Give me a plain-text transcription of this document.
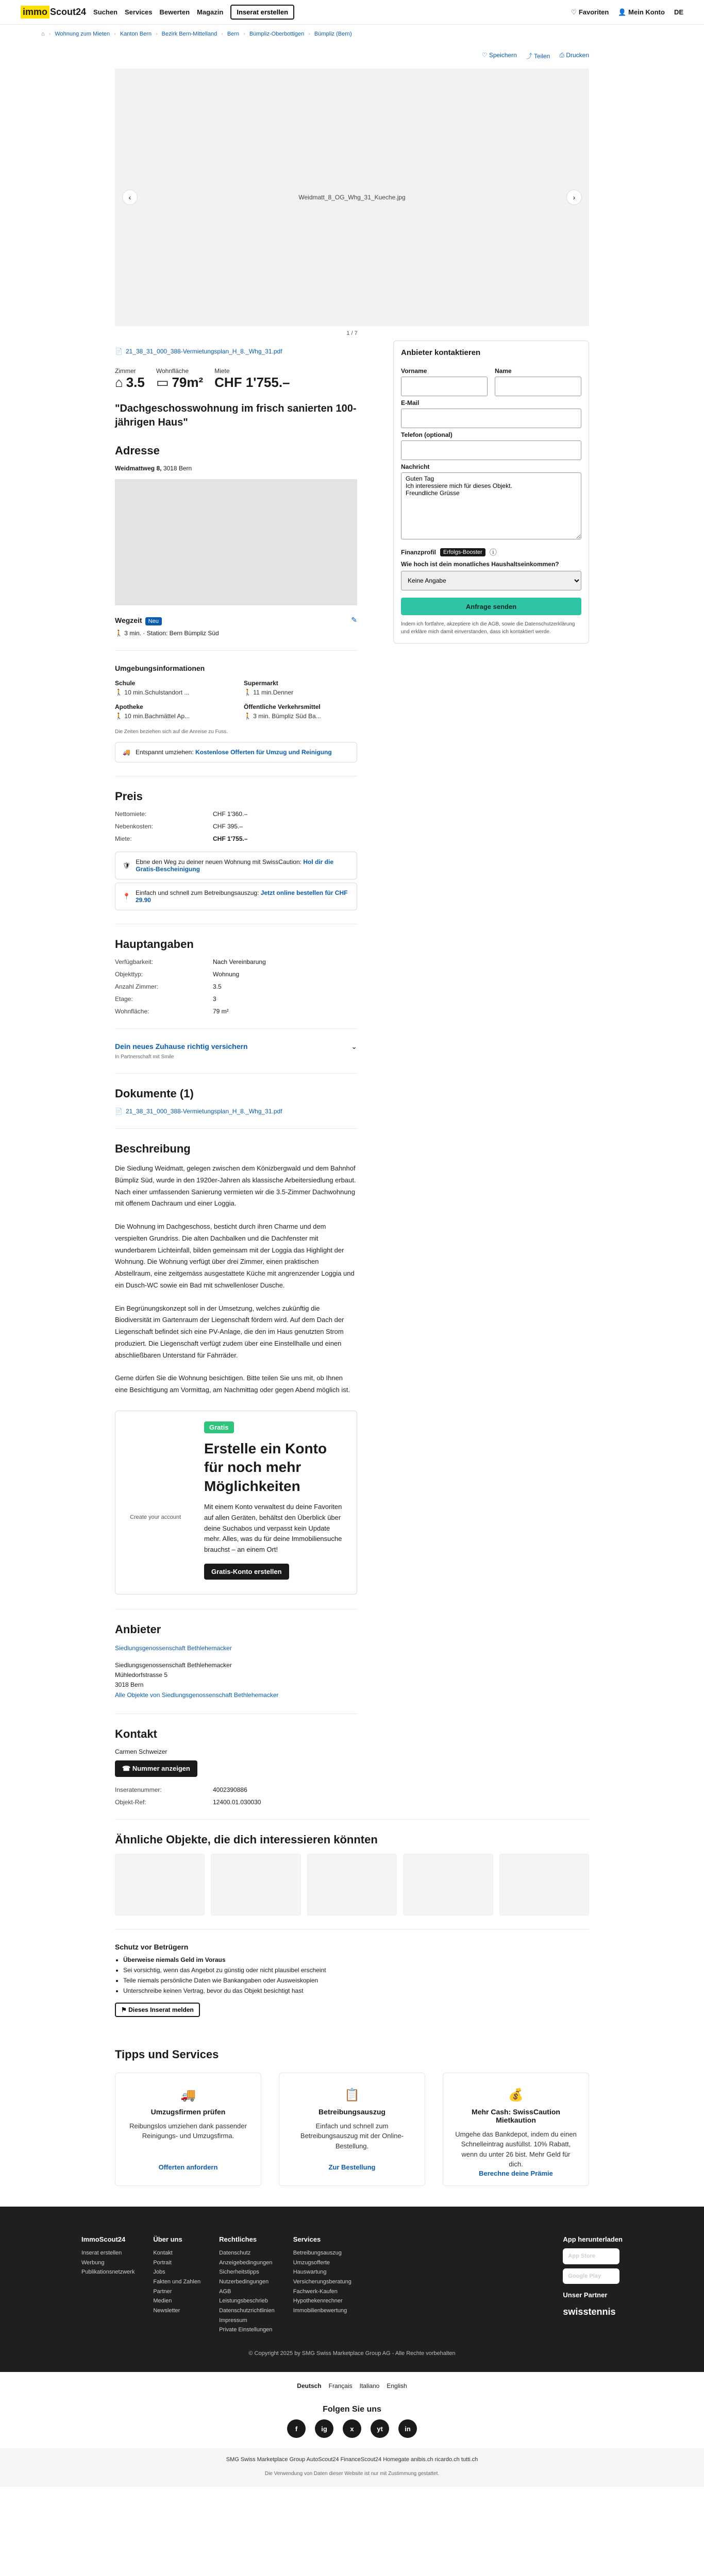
immo Scout24 Suchen Services Bewerten Magazin	Inserat erstellen	♡ Favoriten 👤 Mein Konto DE
⌂ › Wohnung zum Mieten › Kanton Bern › Bezirk Bern-Mittelland › Bern › Bümpliz-Oberbottigen › Bümpliz (Bern)
♡ Speichern ⤴ Teilen ⎙ Drucken
‹	Weidmatt_8_OG_Whg_31_Kueche.jpg	›
1 / 7
📄 21_38_31_000_388-Vermietungsplan_H_8._Whg_31.pdf
Zimmer
⌂ 3.5
Wohnfläche
▭ 79m²
Miete
CHF 1'755.–
"Dachgeschosswohnung im frisch sanierten 100-jährigen Haus"
Adresse
Weidmattweg 8, 3018 Bern
Wegzeit Neu	✎
🚶 3 min. · Station: Bern Bümpliz Süd
Umgebungsinformationen
Schule
🚶 10 min.Schulstandort ...
Supermarkt
🚶 11 min.Denner
Apotheke
🚶 10 min.Bachmättel Ap...
Öffentliche Verkehrsmittel
🚶 3 min. Bümpliz Süd Ba...
Die Zeiten beziehen sich auf die Anreise zu Fuss.
🚚 Entspannt umziehen: Kostenlose Offerten für Umzug und Reinigung
Preis
Nettomiete:	CHF 1'360.–
Nebenkosten:	CHF 395.–
Miete:	CHF 1'755.–
🛡 Ebne den Weg zu deiner neuen Wohnung mit SwissCaution: Hol dir die Gratis-Bescheinigung
📍 Einfach und schnell zum Betreibungsauszug: Jetzt online bestellen für CHF 29.90
Hauptangaben
Verfügbarkeit:	Nach Vereinbarung
Objekttyp:	Wohnung
Anzahl Zimmer:	3.5
Etage:	3
Wohnfläche:	79 m²
Dein neues Zuhause richtig versichern	⌄
In Partnerschaft mit Smile
Dokumente (1)
📄 21_38_31_000_388-Vermietungsplan_H_8._Whg_31.pdf
Beschreibung

Die Siedlung Weidmatt, gelegen zwischen dem Könizbergwald und dem Bahnhof Bümpliz Süd, wurde in den 1920er-Jahren als klassische Arbeitersiedlung erbaut. Nach einer umfassenden Sanierung vermieten wir die 3.5-Zimmer Dachwohnung mit offenem Dachraum und einer Loggia.

Die Wohnung im Dachgeschoss, besticht durch ihren Charme und dem verspielten Grundriss. Die alten Dachbalken und die Dachfenster mit wunderbarem Lichteinfall, bilden gemeinsam mit der Loggia das Highlight der Wohnung. Die Wohnung verfügt über drei Zimmer, einen praktischen Abstellraum, eine zeitgemäss ausgestattete Küche mit angrenzender Loggia und ein Dusch-WC sowie ein Bad mit schwellenloser Dusche.

Ein Begrünungskonzept soll in der Umsetzung, welches zukünftig die Biodiversität im Gartenraum der Liegenschaft fördern wird. Auf dem Dach der Liegenschaft befindet sich eine PV-Anlage, die den im Haus genutzten Strom produziert. Die Liegenschaft verfügt zudem über eine Einstellhalle und einen abschließbaren Unterstand für Fahrräder.

Gerne dürfen Sie die Wohnung besichtigen. Bitte teilen Sie uns mit, ob Ihnen eine Besichtigung am Vormittag, am Nachmittag oder gegen Abend möglich ist.

Create your account
Gratis
Erstelle ein Konto für noch mehr Möglichkeiten

Mit einem Konto verwaltest du deine Favoriten auf allen Geräten, behältst den Überblick über deine Suchabos und verpasst kein Update mehr. Alles, was du für deine Immobiliensuche brauchst – an einem Ort!

Gratis-Konto erstellen
Anbieter
Siedlungsgenossenschaft Bethlehemacker
Siedlungsgenossenschaft Bethlehemacker
Mühledorfstrasse 5
3018 Bern
Alle Objekte von Siedlungsgenossenschaft Bethlehemacker
Kontakt
Carmen Schweizer
☎ Nummer anzeigen
Inseratenummer:	4002390886
Objekt-Ref:	12400.01.030030
Anbieter kontaktieren
Vorname	Name
E-Mail
Telefon (optional)
Nachricht
Guten Tag Ich interessiere mich für dieses Objekt. Freundliche Grüsse
Finanzprofil	Erfolgs-Booster	ⓘ
Wie hoch ist dein monatliches Haushaltseinkommen?
Keine Angabe
Anfrage senden
Indem ich fortfahre, akzeptiere ich die AGB, sowie die Datenschutzerklärung und erkläre mich damit einverstanden, dass ich kontaktiert werde.
Ähnliche Objekte, die dich interessieren könnten
Schutz vor Betrügern
• Überweise niemals Geld im Voraus
• Sei vorsichtig, wenn das Angebot zu günstig oder nicht plausibel erscheint
• Teile niemals persönliche Daten wie Bankangaben oder Ausweiskopien
• Unterschreibe keinen Vertrag, bevor du das Objekt besichtigt hast
⚑ Dieses Inserat melden
Tipps und Services
🚚
Umzugsfirmen prüfen
Reibungslos umziehen dank passender Reinigungs- und Umzugsfirma.
Offerten anfordern
📋
Betreibungsauszug
Einfach und schnell zum Betreibungsauszug mit der Online-Bestellung.
Zur Bestellung
💰
Mehr Cash: SwissCaution Mietkaution
Umgehe das Bankdepot, indem du einen Schnelleintrag ausfüllst. 10% Rabatt, wenn du unter 26 bist. Mehr Geld für dich.
Berechne deine Prämie
ImmoScout24
Inserat erstellen
Werbung
Publikationsnetzwerk
Über uns
Kontakt
Portrait
Jobs
Fakten und Zahlen
Partner
Medien
Newsletter
Rechtliches
Datenschutz
Anzeigebedingungen
Sicherheitstipps
Nutzerbedingungen
AGB
Leistungsbeschrieb
Datenschutzrichtlinien
Impressum
Private Einstellungen
Services
Betreibungsauszug
Umzugsofferte
Hauswartung
Versicherungsberatung
Fachwerk-Kaufen
Hypothekenrechner
Immobilienbewertung
App herunterladen
App Store
Google Play
Unser Partner
swisstennis
© Copyright 2025 by SMG Swiss Marketplace Group AG - Alle Rechte vorbehalten
Deutsch Français Italiano English
Folgen Sie uns
f	ig	x	yt	in
SMG Swiss Marketplace Group AutoScout24 FinanceScout24 Homegate anibis.ch ricardo.ch tutti.ch
Die Verwendung von Daten dieser Website ist nur mit Zustimmung gestattet.
